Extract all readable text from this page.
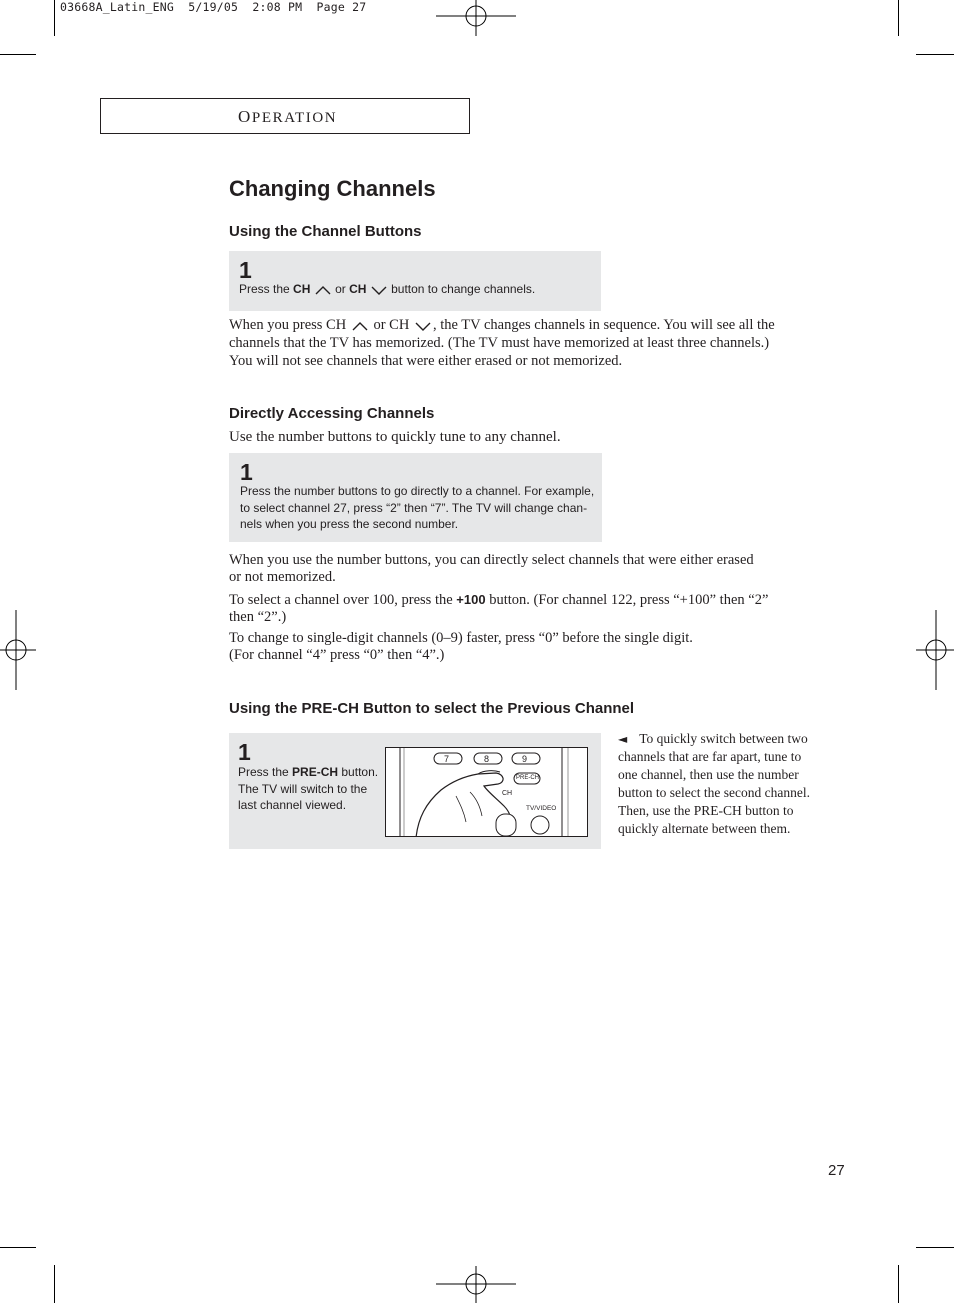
03668A_Latin_ENG  5/19/05  2:08 PM  Page 27
OPERATION
Changing Channels
Using the Channel Buttons
1
Press the CH or CH button to change channels.
When you press CH or CH , the TV changes channels in sequence. You will see all the
channels that the TV has memorized. (The TV must have memorized at least three channels.)
You will not see channels that were either erased or not memorized.
Directly Accessing Channels
Use the number buttons to quickly tune to any channel.
1
Press the number buttons to go directly to a channel. For example,
to select channel 27, press “2” then “7”. The TV will change chan-
nels when you press the second number.
When you use the number buttons, you can directly select channels that were either erased
or not memorized.
To select a channel over 100, press the +100 button. (For channel 122, press “+100” then “2”
then “2”.)
To change to single-digit channels (0–9) faster, press “0” before the single digit.
(For channel “4” press “0” then “4”.)
Using the PRE-CH Button to select the Previous Channel
1
Press the PRE-CH button.
The TV will switch to the
last channel viewed.
7	8	9
PRE-CH
CH
TV/VIDEO
◄ To quickly switch between two
channels that are far apart, tune to
one channel, then use the number
button to select the second channel.
Then, use the PRE-CH button to
quickly alternate between them.
27
